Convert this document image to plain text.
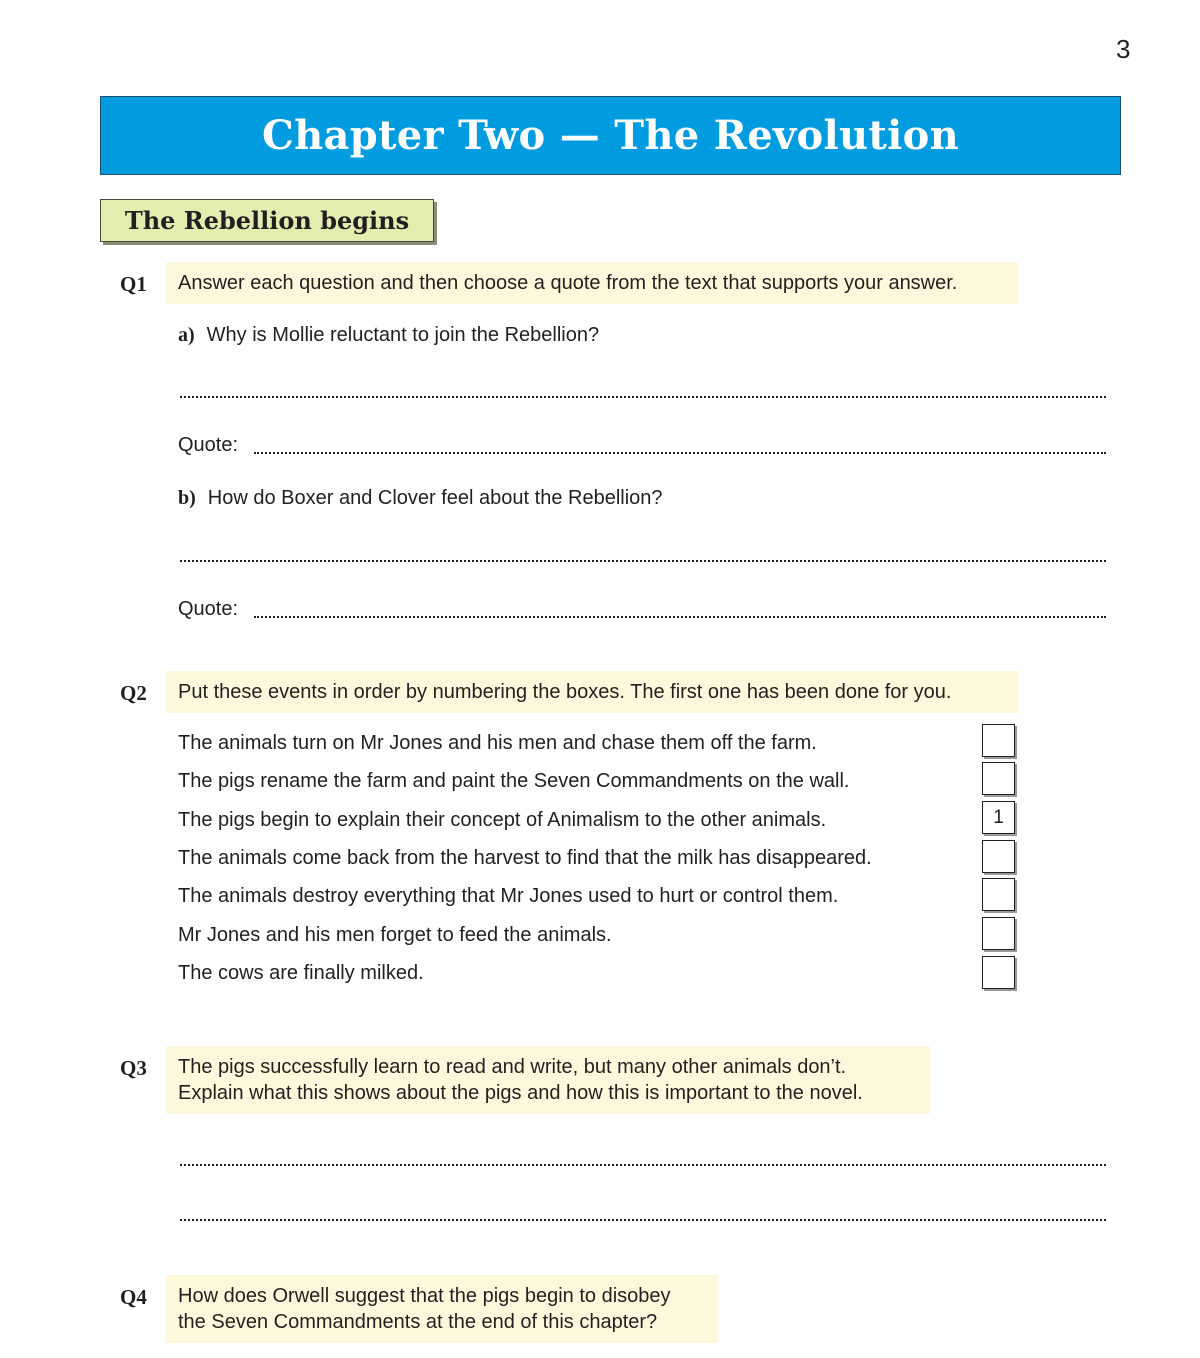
3
Chapter Two — The Revolution
The Rebellion begins
Q1 Answer each question and then choose a quote from the text that supports your answer.
a) Why is Mollie reluctant to join the Rebellion?
Quote:
b) How do Boxer and Clover feel about the Rebellion?
Quote:
Q2 Put these events in order by numbering the boxes. The first one has been done for you.
The animals turn on Mr Jones and his men and chase them off the farm.
The pigs rename the farm and paint the Seven Commandments on the wall.
The pigs begin to explain their concept of Animalism to the other animals.	1
The animals come back from the harvest to find that the milk has disappeared.
The animals destroy everything that Mr Jones used to hurt or control them.
Mr Jones and his men forget to feed the animals.
The cows are finally milked.
Q3 The pigs successfully learn to read and write, but many other animals don’t.
Explain what this shows about the pigs and how this is important to the novel.
Q4 How does Orwell suggest that the pigs begin to disobey
the Seven Commandments at the end of this chapter?
